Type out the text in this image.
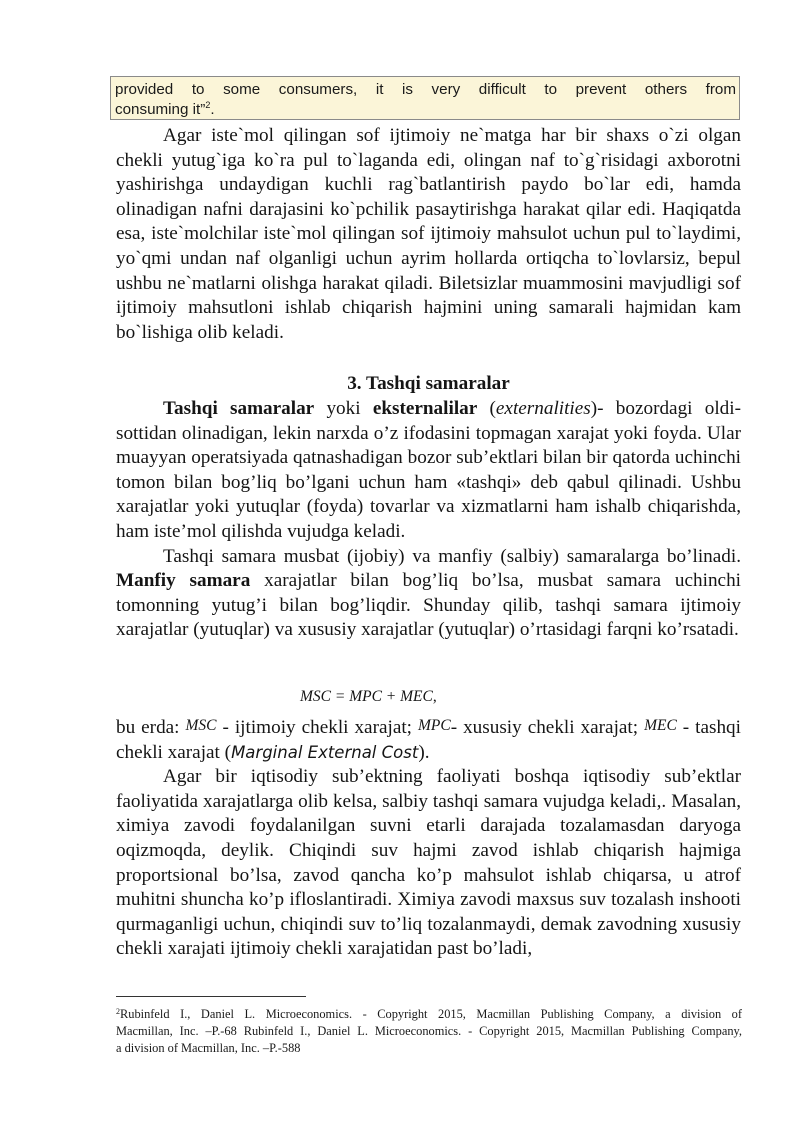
provided to some consumers, it is very difficult to prevent others from
consuming it”$^2$.

Agar iste`mol qilingan sof ijtimoiy ne`matga har bir shaxs o`zi olgan chekli yutug`iga ko`ra pul to`laganda edi, olingan naf to`g`risidagi axborotni yashirishga undaydigan kuchli rag`batlantirish paydo bo`lar edi, hamda olinadigan nafni darajasini ko`pchilik pasaytirishga harakat qilar edi. Haqiqatda esa, iste`molchilar iste`mol qilingan sof ijtimoiy mahsulot uchun pul to`laydimi, yo`qmi undan naf olganligi uchun ayrim hollarda ortiqcha to`lovlarsiz, bepul ushbu ne`matlarni olishga harakat qiladi. Biletsizlar muammosini mavjudligi sof ijtimoiy mahsutloni ishlab chiqarish hajmini uning samarali hajmidan kam bo`lishiga olib keladi.

3. Tashqi samaralar

Tashqi samaralar yoki eksternalilar (externalities)- bozordagi oldi-sottidan olinadigan, lekin narxda o’z ifodasini topmagan xarajat yoki foyda. Ular muayyan operatsiyada qatnashadigan bozor sub’ektlari bilan bir qatorda uchinchi tomon bilan bog’liq bo’lgani uchun ham «tashqi» deb qabul qilinadi. Ushbu xarajatlar yoki yutuqlar (foyda) tovarlar va xizmatlarni ham ishalb chiqarishda, ham iste’mol qilishda vujudga keladi.

Tashqi samara musbat (ijobiy) va manfiy (salbiy) samaralarga bo’linadi. Manfiy samara xarajatlar bilan bog’liq bo’lsa, musbat samara uchinchi tomonning yutug’i bilan bog’liqdir. Shunday qilib, tashqi samara ijtimoiy xarajatlar (yutuqlar) va xususiy xarajatlar (yutuqlar) o’rtasidagi farqni ko’rsatadi.

MSC = MPC + MEC,

bu erda: MSC - ijtimoiy chekli xarajat; MPC- xususiy chekli xarajat; MEC - tashqi chekli xarajat (Marginal External Cost).

Agar bir iqtisodiy sub’ektning faoliyati boshqa iqtisodiy sub’ektlar faoliyatida xarajatlarga olib kelsa, salbiy tashqi samara vujudga keladi,. Masalan, ximiya zavodi foydalanilgan suvni etarli darajada tozalamasdan daryoga oqizmoqda, deylik. Chiqindi suv hajmi zavod ishlab chiqarish hajmiga proportsional bo’lsa, zavod qancha ko’p mahsulot ishlab chiqarsa, u atrof muhitni shuncha ko’p ifloslantiradi. Ximiya zavodi maxsus suv tozalash inshooti qurmaganligi uchun, chiqindi suv to’liq tozalanmaydi, demak zavodning xususiy chekli xarajati ijtimoiy chekli xarajatidan past bo’ladi,

$^2$Rubinfeld I., Daniel L. Microeconomics. - Copyright 2015, Macmillan Publishing Company, a division of
Macmillan, Inc. –P.-68 Rubinfeld I., Daniel L. Microeconomics. - Copyright 2015, Macmillan Publishing Company,
a division of Macmillan, Inc. –P.-588
